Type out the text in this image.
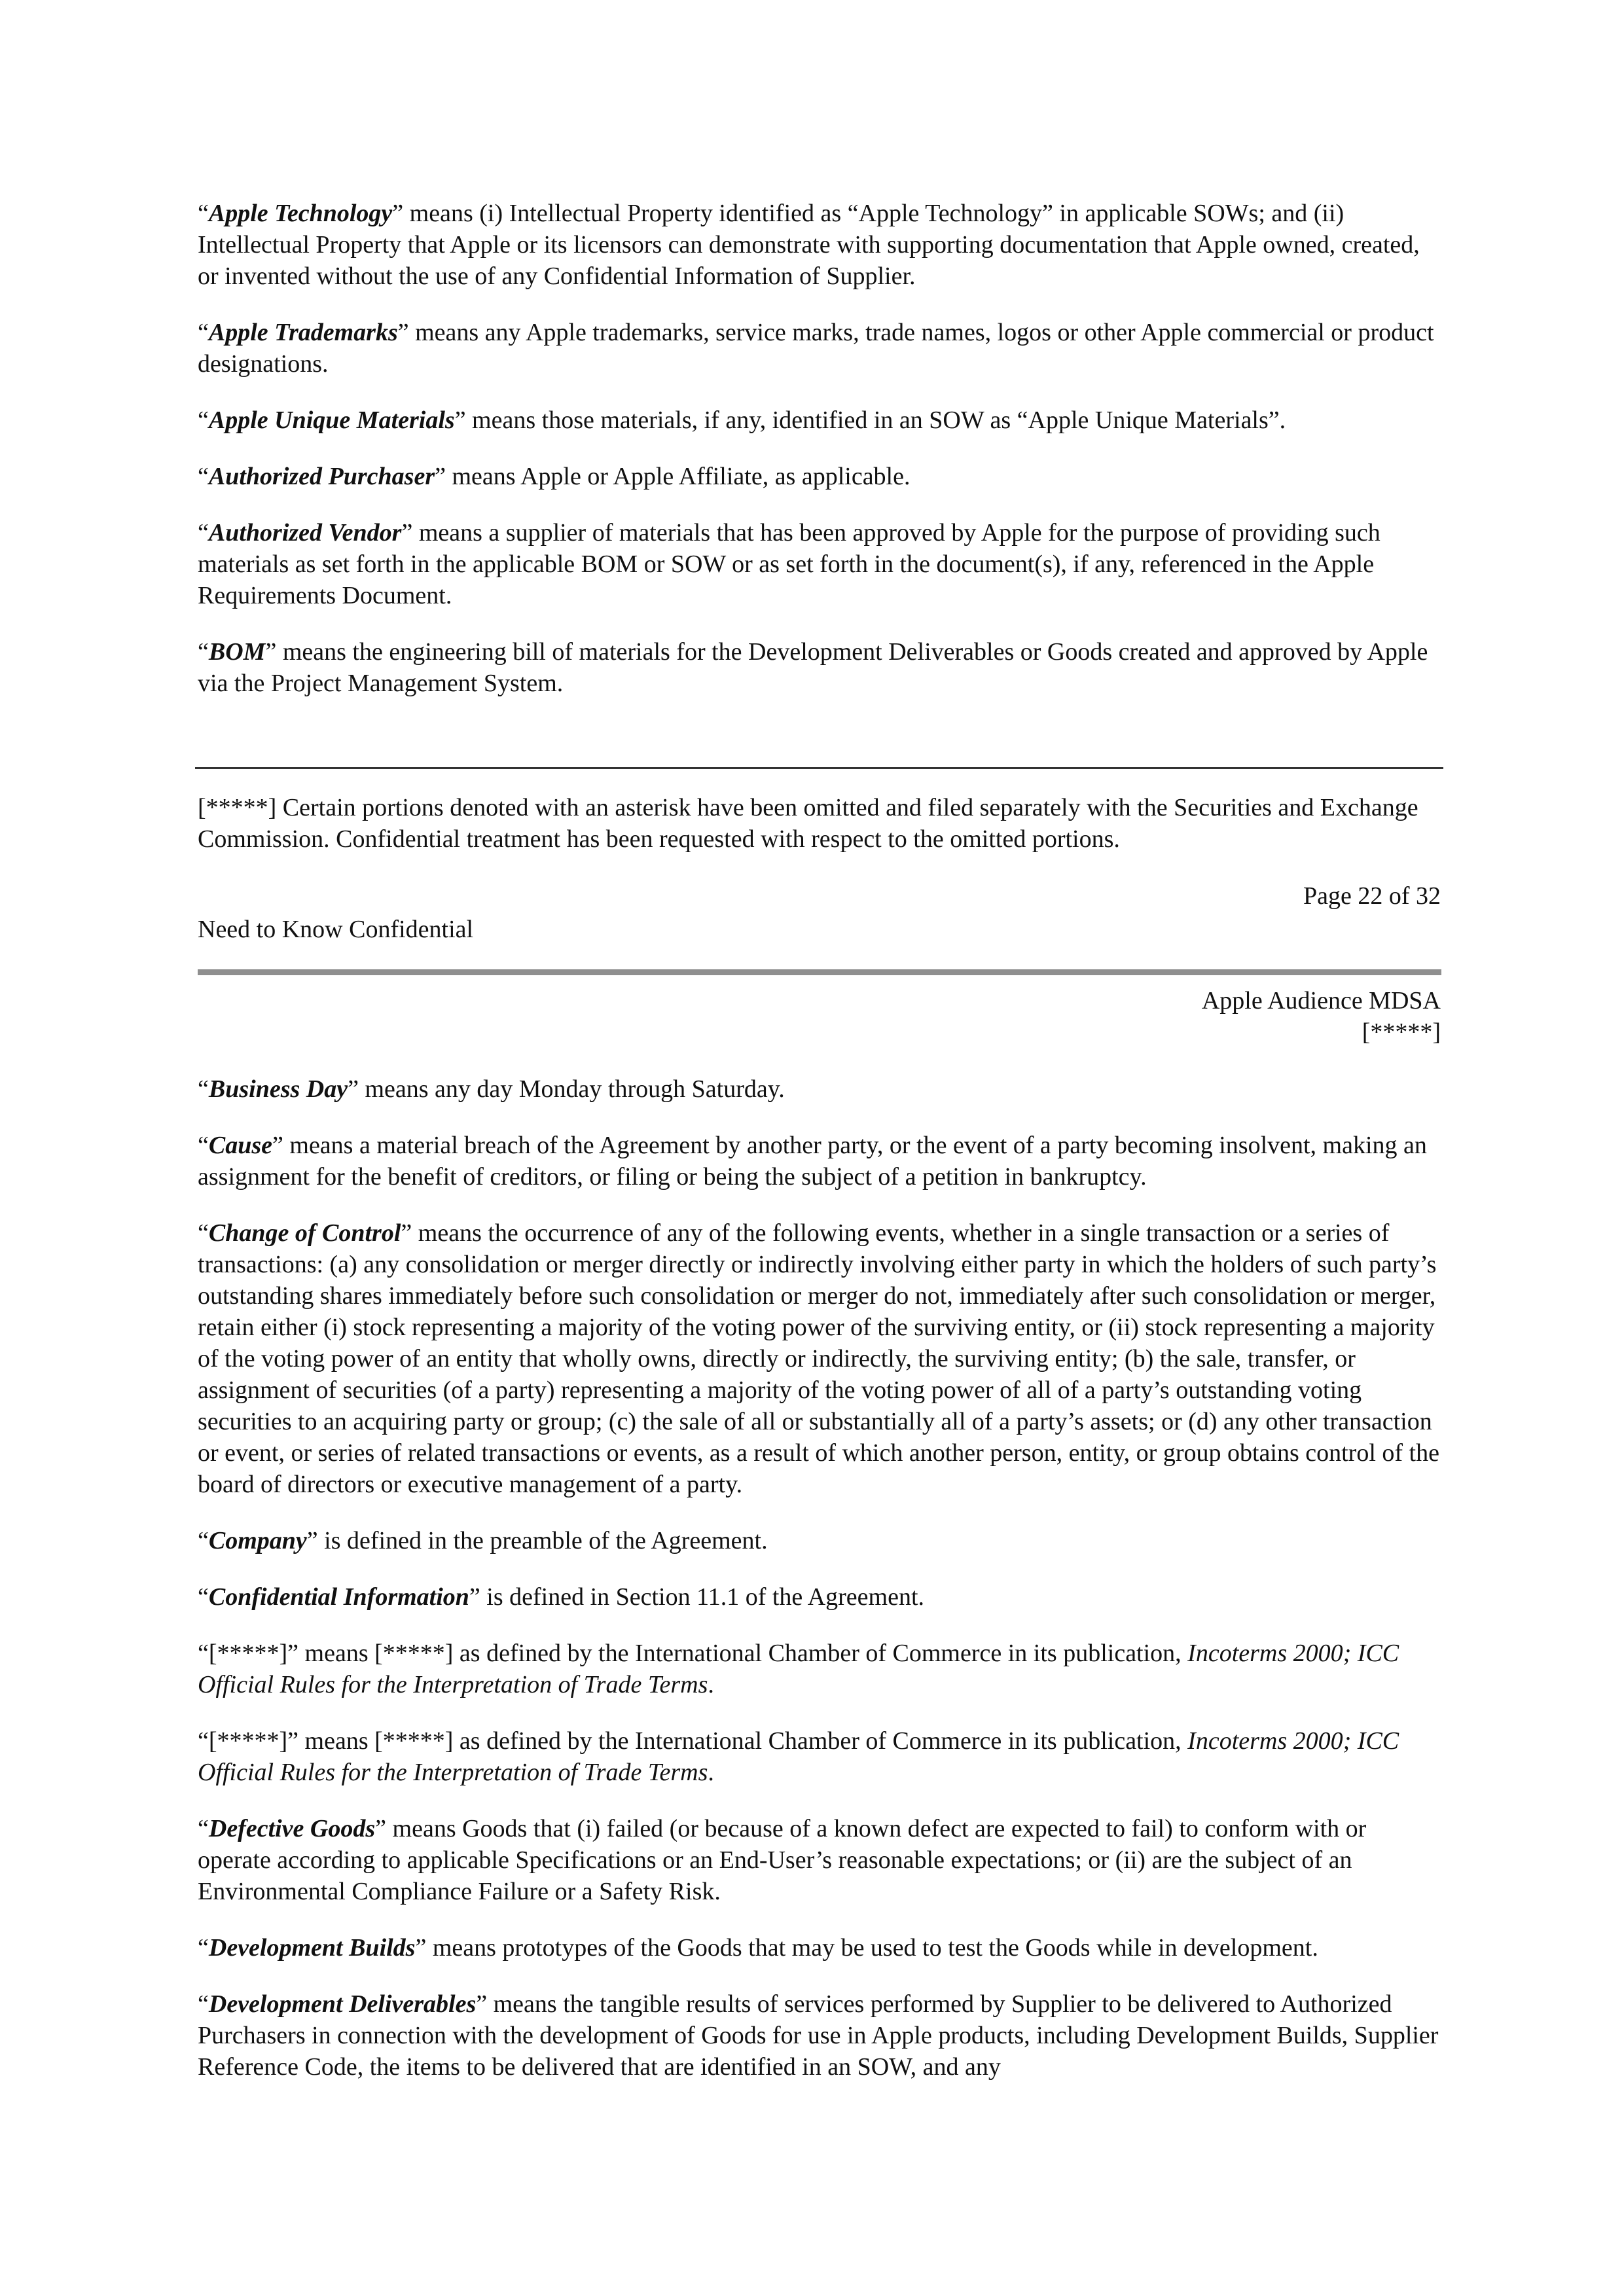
“Apple Technology” means (i) Intellectual Property identified as “Apple Technology” in applicable SOWs; and (ii) Intellectual Property that Apple or its licensors can demonstrate with supporting documentation that Apple owned, created, or invented without the use of any Confidential Information of Supplier.

“Apple Trademarks” means any Apple trademarks, service marks, trade names, logos or other Apple commercial or product designations.

“Apple Unique Materials” means those materials, if any, identified in an SOW as “Apple Unique Materials”.

“Authorized Purchaser” means Apple or Apple Affiliate, as applicable.

“Authorized Vendor” means a supplier of materials that has been approved by Apple for the purpose of providing such materials as set forth in the applicable BOM or SOW or as set forth in the document(s), if any, referenced in the Apple Requirements Document.

“BOM” means the engineering bill of materials for the Development Deliverables or Goods created and approved by Apple via the Project Management System.

[*****] Certain portions denoted with an asterisk have been omitted and filed separately with the Securities and Exchange Commission. Confidential treatment has been requested with respect to the omitted portions.
Page 22 of 32
Need to Know Confidential
Apple Audience MDSA
[*****]

“Business Day” means any day Monday through Saturday.

“Cause” means a material breach of the Agreement by another party, or the event of a party becoming insolvent, making an assignment for the benefit of creditors, or filing or being the subject of a petition in bankruptcy.

“Change of Control” means the occurrence of any of the following events, whether in a single transaction or a series of transactions: (a) any consolidation or merger directly or indirectly involving either party in which the holders of such party’s outstanding shares immediately before such consolidation or merger do not, immediately after such consolidation or merger, retain either (i) stock representing a majority of the voting power of the surviving entity, or (ii) stock representing a majority of the voting power of an entity that wholly owns, directly or indirectly, the surviving entity; (b) the sale, transfer, or assignment of securities (of a party) representing a majority of the voting power of all of a party’s outstanding voting securities to an acquiring party or group; (c) the sale of all or substantially all of a party’s assets; or (d) any other transaction or event, or series of related transactions or events, as a result of which another person, entity, or group obtains control of the board of directors or executive management of a party.

“Company” is defined in the preamble of the Agreement.

“Confidential Information” is defined in Section 11.1 of the Agreement.

“[*****]” means [*****] as defined by the International Chamber of Commerce in its publication, Incoterms 2000; ICC Official Rules for the Interpretation of Trade Terms.

“[*****]” means [*****] as defined by the International Chamber of Commerce in its publication, Incoterms 2000; ICC Official Rules for the Interpretation of Trade Terms.

“Defective Goods” means Goods that (i) failed (or because of a known defect are expected to fail) to conform with or operate according to applicable Specifications or an End-User’s reasonable expectations; or (ii) are the subject of an Environmental Compliance Failure or a Safety Risk.

“Development Builds” means prototypes of the Goods that may be used to test the Goods while in development.

“Development Deliverables” means the tangible results of services performed by Supplier to be delivered to Authorized Purchasers in connection with the development of Goods for use in Apple products, including Development Builds, Supplier Reference Code, the items to be delivered that are identified in an SOW, and any
